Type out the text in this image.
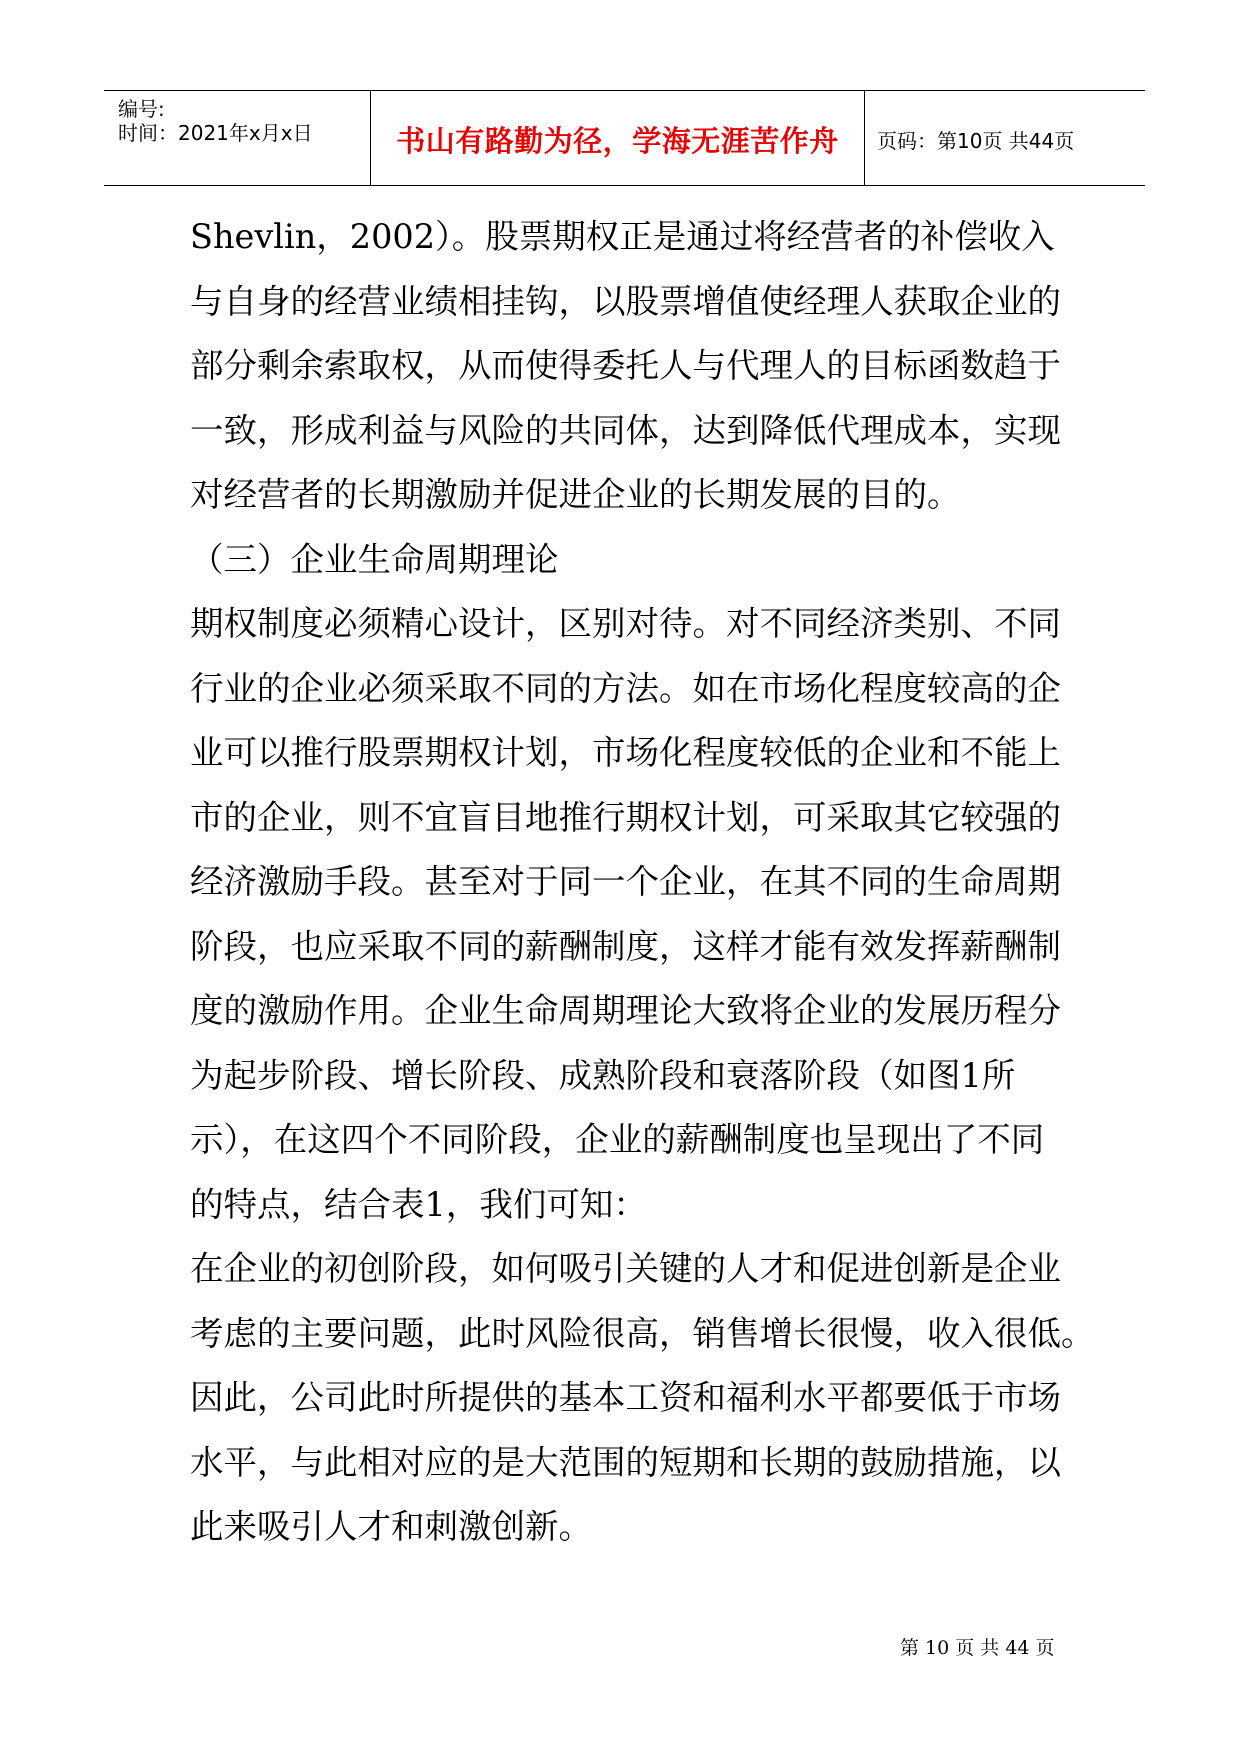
编号:
时间：2021年x月x日	书山有路勤为径，学海无涯苦作舟	页码：第10页 共44页
Shevlin，2002）。股票期权正是通过将经营者的补偿收入
与自身的经营业绩相挂钩，以股票增值使经理人获取企业的
部分剩余索取权，从而使得委托人与代理人的目标函数趋于
一致，形成利益与风险的共同体，达到降低代理成本，实现
对经营者的长期激励并促进企业的长期发展的目的。
（三）企业生命周期理论
期权制度必须精心设计，区别对待。对不同经济类别、不同
行业的企业必须采取不同的方法。如在市场化程度较高的企
业可以推行股票期权计划，市场化程度较低的企业和不能上
市的企业，则不宜盲目地推行期权计划，可采取其它较强的
经济激励手段。甚至对于同一个企业，在其不同的生命周期
阶段，也应采取不同的薪酬制度，这样才能有效发挥薪酬制
度的激励作用。企业生命周期理论大致将企业的发展历程分
为起步阶段、增长阶段、成熟阶段和衰落阶段（如图1所
示），在这四个不同阶段，企业的薪酬制度也呈现出了不同
的特点，结合表1，我们可知：
在企业的初创阶段，如何吸引关键的人才和促进创新是企业
考虑的主要问题，此时风险很高，销售增长很慢，收入很低。
因此，公司此时所提供的基本工资和福利水平都要低于市场
水平，与此相对应的是大范围的短期和长期的鼓励措施，以
此来吸引人才和刺激创新。
第 10 页 共 44 页
